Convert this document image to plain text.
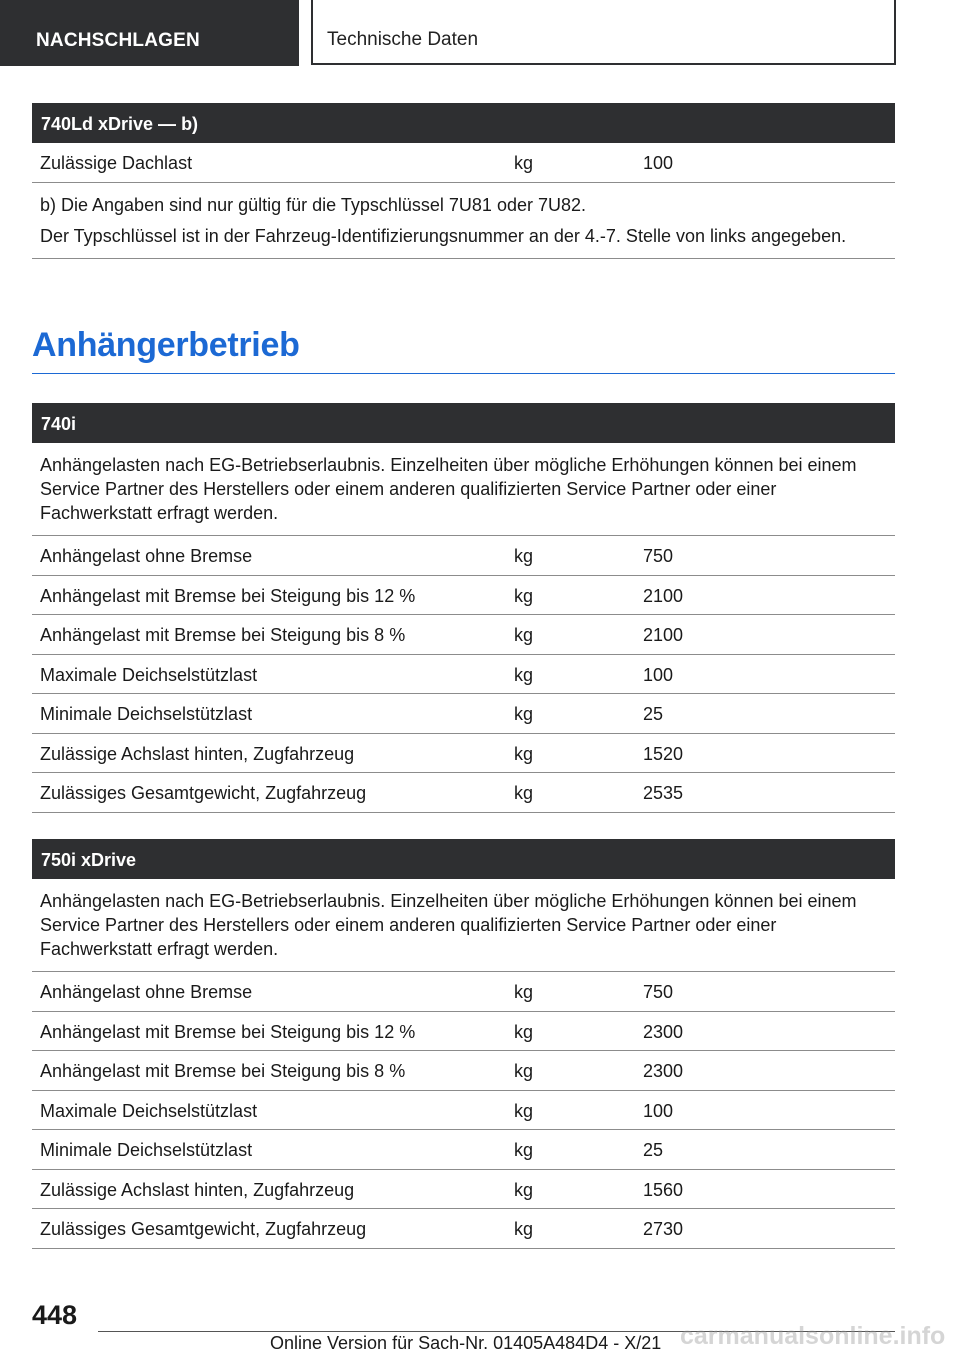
NACHSCHLAGEN	Technische Daten
740Ld xDrive — b)
Zulässige Dachlast	kg	100

b) Die Angaben sind nur gültig für die Typschlüssel 7U81 oder 7U82.

Der Typschlüssel ist in der Fahrzeug-Identifizierungsnummer an der 4.-7. Stelle von links angegeben.

Anhängerbetrieb
740i
Anhängelasten nach EG-Betriebserlaubnis. Einzelheiten über mögliche Erhöhungen können bei einem Service Partner des Herstellers oder einem anderen qualifizierten Service Partner oder einer Fachwerkstatt erfragt werden.
Anhängelast ohne Bremse	kg	750
Anhängelast mit Bremse bei Steigung bis 12 %	kg	2100
Anhängelast mit Bremse bei Steigung bis 8 %	kg	2100
Maximale Deichselstützlast	kg	100
Minimale Deichselstützlast	kg	25
Zulässige Achslast hinten, Zugfahrzeug	kg	1520
Zulässiges Gesamtgewicht, Zugfahrzeug	kg	2535
750i xDrive
Anhängelasten nach EG-Betriebserlaubnis. Einzelheiten über mögliche Erhöhungen können bei einem Service Partner des Herstellers oder einem anderen qualifizierten Service Partner oder einer Fachwerkstatt erfragt werden.
Anhängelast ohne Bremse	kg	750
Anhängelast mit Bremse bei Steigung bis 12 %	kg	2300
Anhängelast mit Bremse bei Steigung bis 8 %	kg	2300
Maximale Deichselstützlast	kg	100
Minimale Deichselstützlast	kg	25
Zulässige Achslast hinten, Zugfahrzeug	kg	1560
Zulässiges Gesamtgewicht, Zugfahrzeug	kg	2730
448
Online Version für Sach-Nr. 01405A484D4 - X/21 carmanualsonline.info
